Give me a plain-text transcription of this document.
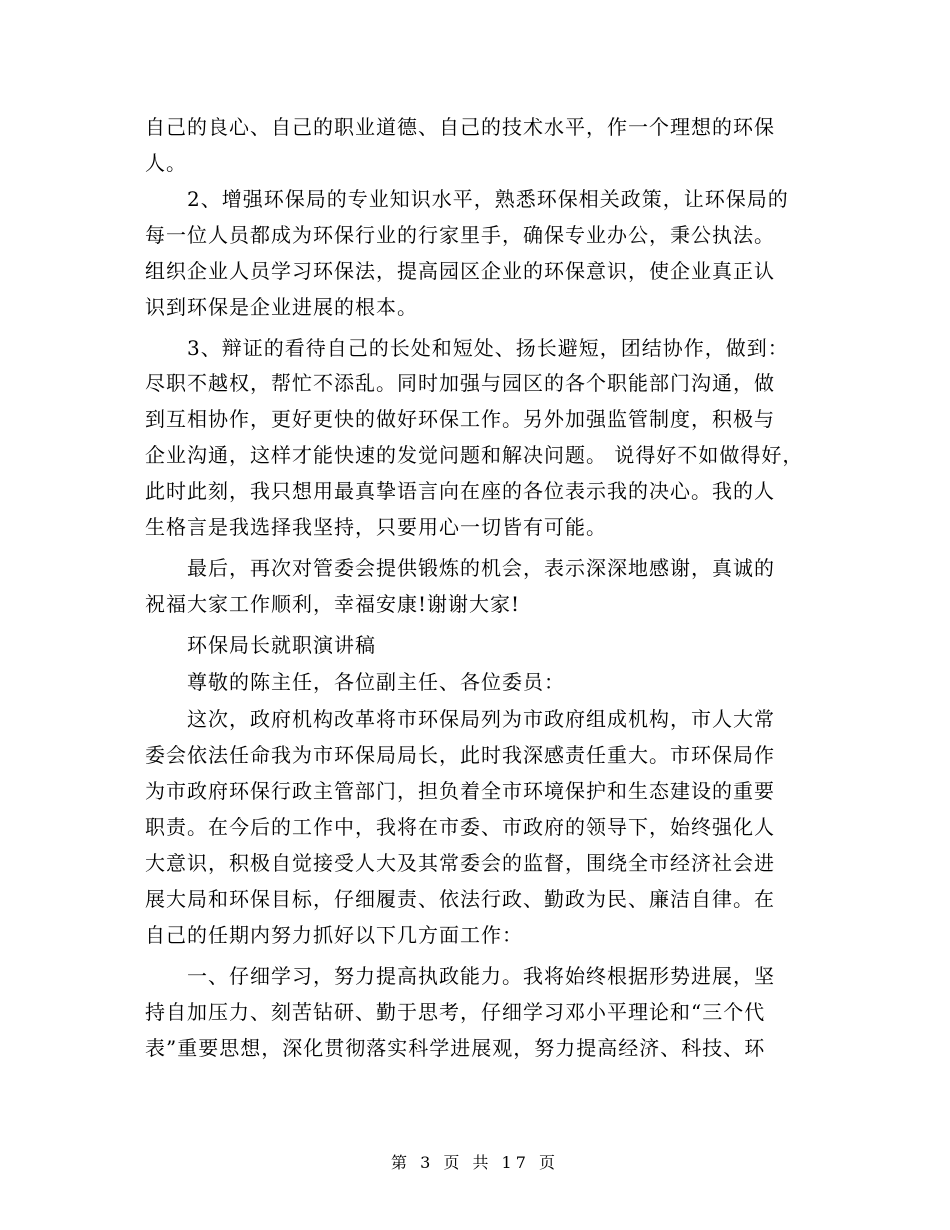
自己的良心、自己的职业道德、自己的技术水平，作一个理想的环保
人。
2、增强环保局的专业知识水平，熟悉环保相关政策，让环保局的
每一位人员都成为环保行业的行家里手，确保专业办公，秉公执法。
组织企业人员学习环保法，提高园区企业的环保意识，使企业真正认
识到环保是企业进展的根本。
3、辩证的看待自己的长处和短处、扬长避短，团结协作，做到：
尽职不越权，帮忙不添乱。同时加强与园区的各个职能部门沟通，做
到互相协作，更好更快的做好环保工作。另外加强监管制度，积极与
企业沟通，这样才能快速的发觉问题和解决问题。 说得好不如做得好，
此时此刻，我只想用最真挚语言向在座的各位表示我的决心。我的人
生格言是我选择我坚持，只要用心一切皆有可能。
最后，再次对管委会提供锻炼的机会，表示深深地感谢，真诚的
祝福大家工作顺利，幸福安康!谢谢大家!
环保局长就职演讲稿
尊敬的陈主任，各位副主任、各位委员：
这次，政府机构改革将市环保局列为市政府组成机构，市人大常
委会依法任命我为市环保局局长，此时我深感责任重大。市环保局作
为市政府环保行政主管部门，担负着全市环境保护和生态建设的重要
职责。在今后的工作中，我将在市委、市政府的领导下，始终强化人
大意识，积极自觉接受人大及其常委会的监督，围绕全市经济社会进
展大局和环保目标，仔细履责、依法行政、勤政为民、廉洁自律。在
自己的任期内努力抓好以下几方面工作：
一、仔细学习，努力提高执政能力。我将始终根据形势进展，坚
持自加压力、刻苦钻研、勤于思考，仔细学习邓小平理论和“三个代
表”重要思想，深化贯彻落实科学进展观，努力提高经济、科技、环
第 3 页 共 17 页
